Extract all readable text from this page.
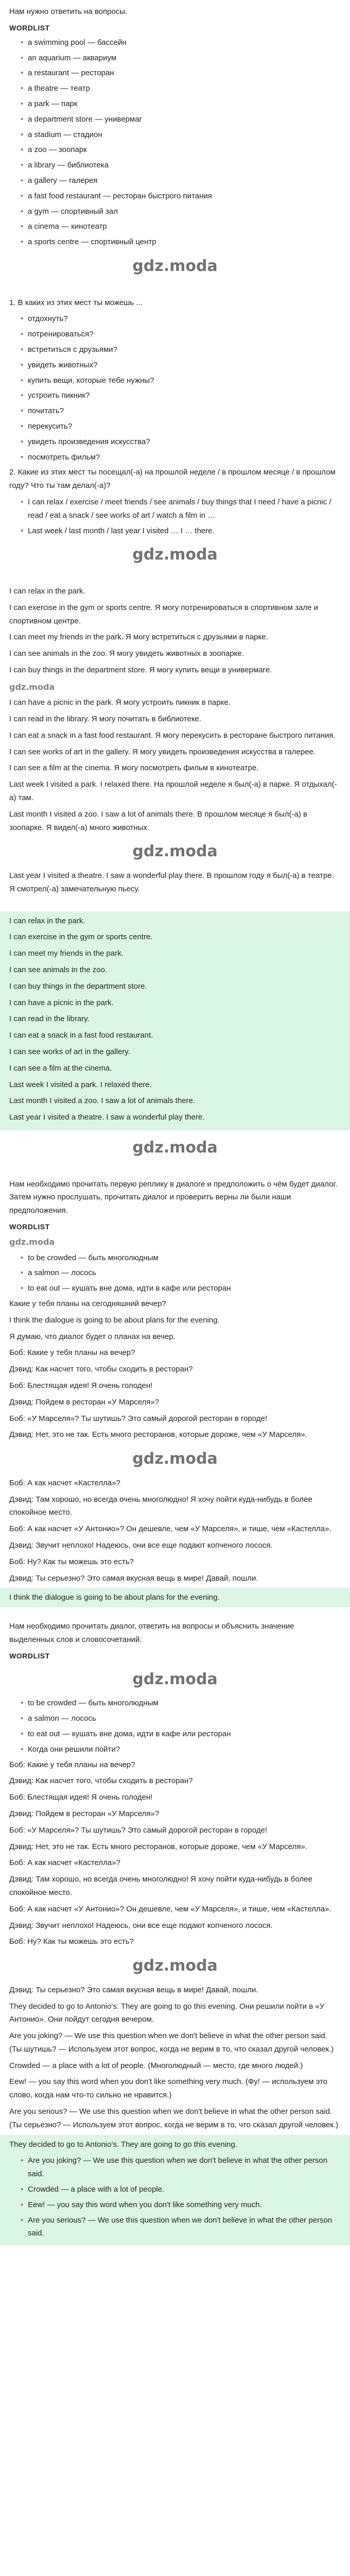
Нам нужно ответить на вопросы.

WORDLIST
• a swimming pool — бассейн
• an aquarium — аквариум
• a restaurant — ресторан
• a theatre — театр
• a park — парк
• a department store — универмаг
• a stadium — стадион
• a zoo — зоопарк
• a library — библиотека
• a gallery — галерея
• a fast food restaurant — ресторан быстрого питания
• a gym — спортивный зал
• a cinema — кинотеатр
• a sports centre — спортивный центр
gdz.moda

1. В каких из этих мест ты можешь ...

• отдохнуть?
• потренироваться?
• встретиться с друзьями?
• увидеть животных?
• купить вещи, которые тебе нужны?
• устроить пикник?
• почитать?
• перекусить?
• увидеть произведения искусства?
• посмотреть фильм?

2. Какие из этих мест ты посещал(-а) на прошлой неделе / в прошлом месяце / в прошлом году? Что ты там делал(-а)?

• I can relax / exercise / meet friends / see animals / buy things that I need / have a picnic / read / eat a snack / see works of art / watch a film in …
• Last week / last month / last year I visited … I … there.
gdz.moda

I can relax in the park.

I can exercise in the gym or sports centre. Я могу потренироваться в спортивном зале и спортивном центре.

I can meet my friends in the park. Я могу встретиться с друзьями в парке.

I can see animals in the zoo. Я могу увидеть животных в зоопарке.

I can buy things in the department store. Я могу купить вещи в универмаге.

gdz.moda

I can have a picnic in the park. Я могу устроить пикник в парке.

I can read in the library. Я могу почитать в библиотеке.

I can eat a snack in a fast food restaurant. Я могу перекусить в ресторане быстрого питания.

I can see works of art in the gallery. Я могу увидеть произведения искусства в галерее.

I can see a film at the cinema. Я могу посмотреть фильм в кинотеатре.

Last week I visited a park. I relaxed there. На прошлой неделе я был(-а) в парке. Я отдыхал(-а) там.

Last month I visited a zoo. I saw a lot of animals there. В прошлом месяце я был(-а) в зоопарке. Я видел(-а) много животных.

gdz.moda

Last year I visited a theatre. I saw a wonderful play there. В прошлом году я был(-а) в театре. Я смотрел(-а) замечательную пьесу.

I can relax in the park.

I can exercise in the gym or sports centre.

I can meet my friends in the park.

I can see animals in the zoo.

I can buy things in the department store.

I can have a picnic in the park.

I can read in the library.

I can eat a snack in a fast food restaurant.

I can see works of art in the gallery.

I can see a film at the cinema.

Last week I visited a park. I relaxed there.

Last month I visited a zoo. I saw a lot of animals there.

Last year I visited a theatre. I saw a wonderful play there.

gdz.moda

Нам необходимо прочитать первую реплику в диалоге и предположить о чём будет диалог. Затем нужно прослушать, прочитать диалог и проверить верны ли были наши предположения.

WORDLIST
gdz.moda
• to be crowded — быть многолюдным
• a salmon — лосось
• to eat out — кушать вне дома, идти в кафе или ресторан

Какие у тебя планы на сегодняшний вечер?

I think the dialogue is going to be about plans for the evening.

Я думаю, что диалог будет о планах на вечер.

Боб: Какие у тебя планы на вечер?

Дэвид: Как насчет того, чтобы сходить в ресторан?

Боб: Блестящая идея! Я очень голоден!

Дэвид: Пойдем в ресторан «У Марселя»?

Боб: «У Марселя»? Ты шутишь? Это самый дорогой ресторан в городе!

Дэвид: Нет, это не так. Есть много ресторанов, которые дороже, чем «У Марселя».

gdz.moda

Боб: А как насчет «Кастелла»?

Дэвид: Там хорошо, но всегда очень многолюдно! Я хочу пойти куда-нибудь в более спокойное место.

Боб: А как насчет «У Антонио»? Он дешевле, чем «У Марселя», и тише, чем «Кастелла».

Дэвид: Звучит неплохо! Надеюсь, они все еще подают копченого лосося.

Боб: Ну? Как ты можешь это есть?

Дэвид: Ты серьезно? Это самая вкусная вещь в мире! Давай, пошли.

I think the dialogue is going to be about plans for the evening.

Нам необходимо прочитать диалог, ответить на вопросы и объяснить значение выделенных слов и словосочетаний.

WORDLIST
gdz.moda
• to be crowded — быть многолюдным
• a salmon — лосось
• to eat out — кушать вне дома, идти в кафе или ресторан
• Когда они решили пойти?

Боб: Какие у тебя планы на вечер?

Дэвид: Как насчет того, чтобы сходить в ресторан?

Боб: Блестящая идея! Я очень голоден!

Дэвид: Пойдем в ресторан «У Марселя»?

Боб: «У Марселя»? Ты шутишь? Это самый дорогой ресторан в городе!

Дэвид: Нет, это не так. Есть много ресторанов, которые дороже, чем «У Марселя».

Боб: А как насчет «Кастелла»?

Дэвид: Там хорошо, но всегда очень многолюдно! Я хочу пойти куда-нибудь в более спокойное место.

Боб: А как насчет «У Антонио»? Он дешевле, чем «У Марселя», и тише, чем «Кастелла».

Дэвид: Звучит неплохо! Надеюсь, они все еще подают копченого лосося.

Боб: Ну? Как ты можешь это есть?

gdz.moda

Дэвид: Ты серьезно? Это самая вкусная вещь в мире! Давай, пошли.

They decided to go to Antonio's. They are going to go this evening. Они решили пойти в «У Антонио». Они пойдут сегодня вечером.

Are you joking? — We use this question when we don't believe in what the other person said. (Ты шутишь? — Используем этот вопрос, когда не верим в то, что сказал другой человек.)

Crowded — a place with a lot of people. (Многолюдный — место, где много людей.)

Eew! — you say this word when you don't like something very much. (Фу! — используем это слово, когда нам что-то сильно не нравится.)

Are you serious? — We use this question when we don't believe in what the other person said. (Ты серьезно? — Используем этот вопрос, когда не верим в то, что сказал другой человек.)

They decided to go to Antonio's. They are going to go this evening.

• Are you joking? — We use this question when we don't believe in what the other person said.
• Crowded — a place with a lot of people.
• Eew! — you say this word when you don't like something very much.
• Are you serious? — We use this question when we don't believe in what the other person said.
